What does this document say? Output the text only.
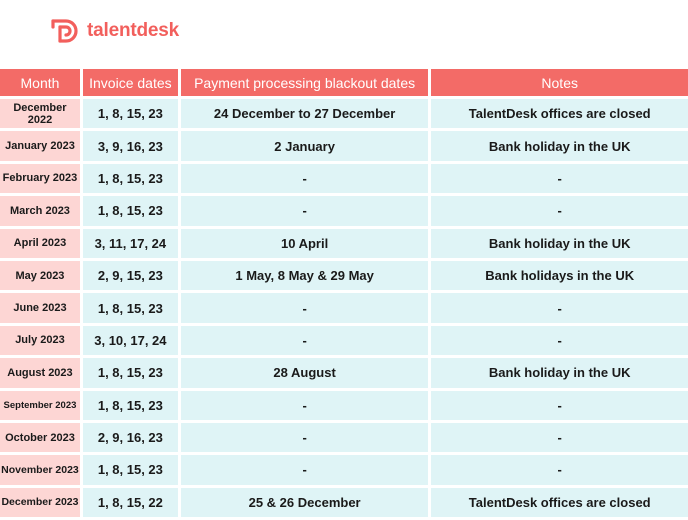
talentdesk
Month	Invoice dates	Payment processing blackout dates	Notes
December 2022	1, 8, 15, 23	24 December to 27 December	TalentDesk offices are closed
January 2023	3, 9, 16, 23	2 January	Bank holiday in the UK
February 2023	1, 8, 15, 23	-	-
March 2023	1, 8, 15, 23	-	-
April 2023	3, 11, 17, 24	10 April	Bank holiday in the UK
May 2023	2, 9, 15, 23	1 May, 8 May & 29 May	Bank holidays in the UK
June 2023	1, 8, 15, 23	-	-
July 2023	3, 10, 17, 24	-	-
August 2023	1, 8, 15, 23	28 August	Bank holiday in the UK
September 2023	1, 8, 15, 23	-	-
October 2023	2, 9, 16, 23	-	-
November 2023	1, 8, 15, 23	-	-
December 2023	1, 8, 15, 22	25 & 26 December	TalentDesk offices are closed
